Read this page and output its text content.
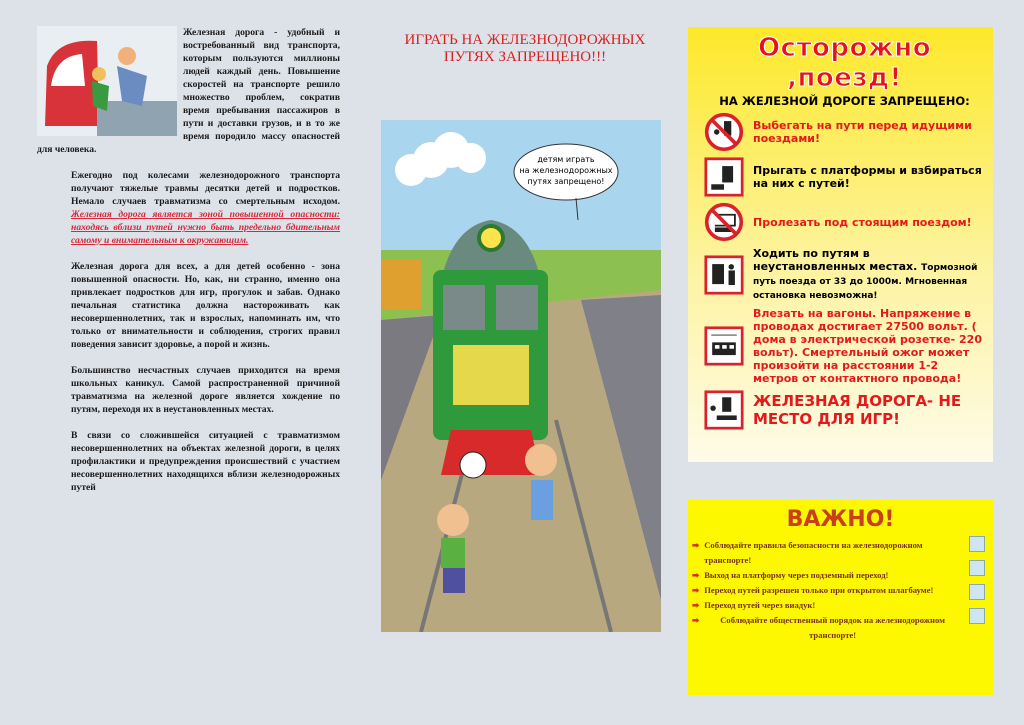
Железная дорога - удобный и востребованный вид транспорта, которым пользуются миллионы людей каждый день. Повышение скоростей на транспорте решило множество проблем, сократив время пребывания пассажиров в пути и доставки грузов, и в то же время породило массу опасностей для человека.

Ежегодно под колесами железнодорожного транспорта получают тяжелые травмы десятки детей и подростков. Немало случаев травматизма со смертельным исходом. Железная дорога является зоной повышенной опасности: находясь вблизи путей нужно быть предельно бдительным самому и внимательным к окружающим.

Железная дорога для всех, а для детей особенно - зона повышенной опасности. Но, как, ни странно, именно она привлекает подростков для игр, прогулок и забав. Однако печальная статистика должна настороживать как несовершеннолетних, так и взрослых, напоминать им, что только от внимательности и соблюдения, строгих правил поведения зависит здоровье, а порой и жизнь.

Большинство несчастных случаев приходится на время школьных каникул. Самой распространенной причиной травматизма на железной дороге является хождение по путям, переходя их в неустановленных местах.

В связи со сложившейся ситуацией с травматизмом несовершеннолетних на объектах железной дороги, в целях профилактики и предупреждения происшествий с участием несовершеннолетних находящихся вблизи железнодорожных путей

ИГРАТЬ НА ЖЕЛЕЗНОДОРОЖНЫХ ПУТЯХ ЗАПРЕЩЕНО!!!
детям играть
на железнодорожных
путях запрещено!
Осторожно ,поезд!
НА ЖЕЛЕЗНОЙ ДОРОГЕ ЗАПРЕЩЕНО:
Выбегать на пути перед идущими поездами!
Прыгать с платформы и взбираться на них с путей!
Пролезать под стоящим поездом!
Ходить по путям в неустановленных местах. Тормозной путь поезда от 33 до 1000м. Мгновенная остановка невозможна!
Влезать на вагоны. Напряжение в проводах достигает 27500 вольт. ( дома в электрической розетке- 220 вольт). Смертельный ожог может произойти на расстоянии 1-2 метров от контактного провода!
ЖЕЛЕЗНАЯ ДОРОГА- НЕ МЕСТО ДЛЯ ИГР!
ВАЖНО!
➡ Соблюдайте правила безопасности на железнодорожном транспорте!
➡ Выход на платформу через подземный переход!
➡ Переход путей разрешен только при открытом шлагбауме!
➡ Переход путей через виадук!
➡	Соблюдайте общественный порядок на железнодорожном транспорте!
